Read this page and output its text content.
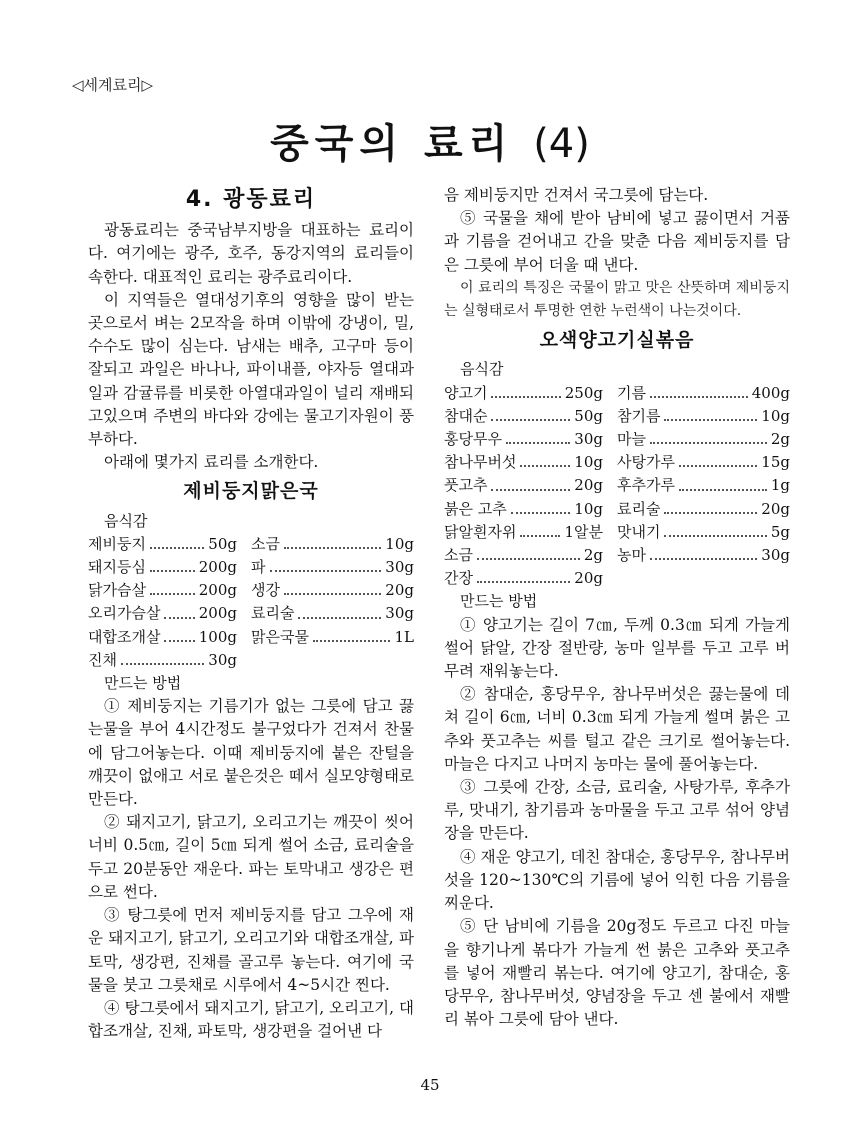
◁세계료리▷
중국의 료리 (4)
4. 광동료리

광동료리는 중국남부지방을 대표하는 료리이다. 여기에는 광주, 호주, 동강지역의 료리들이 속한다. 대표적인 료리는 광주료리이다.

이 지역들은 열대성기후의 영향을 많이 받는 곳으로서 벼는 2모작을 하며 이밖에 강냉이, 밀, 수수도 많이 심는다. 남새는 배추, 고구마 등이 잘되고 과일은 바나나, 파이내플, 야자등 열대과일과 감귤류를 비롯한 아열대과일이 널리 재배되고있으며 주변의 바다와 강에는 물고기자원이 풍부하다.

아래에 몇가지 료리를 소개한다.

제비둥지맑은국
음식감
제비둥지 50g	소금 10g

돼지등심 200g	파 30g

닭가슴살 200g	생강 20g

오리가슴살 200g	료리술 30g

대합조개살 100g	맑은국물 1L

진채 30g	
만드는 방법

① 제비둥지는 기름기가 없는 그릇에 담고 끓는물을 부어 4시간정도 불구었다가 건져서 찬물에 담그어놓는다. 이때 제비둥지에 붙은 잔털을 깨끗이 없애고 서로 붙은것은 떼서 실모양형태로 만든다.

② 돼지고기, 닭고기, 오리고기는 깨끗이 씻어 너비 0.5㎝, 길이 5㎝ 되게 썰어 소금, 료리술을 두고 20분동안 재운다. 파는 토막내고 생강은 편으로 썬다.

③ 탕그릇에 먼저 제비둥지를 담고 그우에 재운 돼지고기, 닭고기, 오리고기와 대합조개살, 파토막, 생강편, 진채를 골고루 놓는다. 여기에 국물을 붓고 그릇채로 시루에서 4~5시간 찐다.

④ 탕그릇에서 돼지고기, 닭고기, 오리고기, 대합조개살, 진채, 파토막, 생강편을 걸어낸 다

음 제비둥지만 건져서 국그릇에 담는다.

⑤ 국물을 채에 받아 남비에 넣고 끓이면서 거품과 기름을 걷어내고 간을 맞춘 다음 제비둥지를 담은 그릇에 부어 더울 때 낸다.

이 료리의 특징은 국물이 맑고 맛은 산뜻하며 제비둥지는 실형태로서 투명한 연한 누런색이 나는것이다.

오색양고기실볶음
음식감
양고기 250g	기름 400g

참대순 50g	참기름 10g

홍당무우 30g	마늘 2g

참나무버섯 10g	사탕가루 15g

풋고추 20g	후추가루 1g

붉은 고추 10g	료리술 20g

닭알흰자위 1알분	맛내기 5g

소금 2g	농마 30g

간장 20g	
만드는 방법

① 양고기는 길이 7㎝, 두께 0.3㎝ 되게 가늘게 썰어 닭알, 간장 절반량, 농마 일부를 두고 고루 버무려 재워놓는다.

② 참대순, 홍당무우, 참나무버섯은 끓는물에 데쳐 길이 6㎝, 너비 0.3㎝ 되게 가늘게 썰며 붉은 고추와 풋고추는 씨를 털고 같은 크기로 썰어놓는다. 마늘은 다지고 나머지 농마는 물에 풀어놓는다.

③ 그릇에 간장, 소금, 료리술, 사탕가루, 후추가루, 맛내기, 참기름과 농마물을 두고 고루 섞어 양념장을 만든다.

④ 재운 양고기, 데친 참대순, 홍당무우, 참나무버섯을 120~130℃의 기름에 넣어 익힌 다음 기름을 찌운다.

⑤ 단 남비에 기름을 20g정도 두르고 다진 마늘을 향기나게 볶다가 가늘게 썬 붉은 고추와 풋고추를 넣어 재빨리 볶는다. 여기에 양고기, 참대순, 홍당무우, 참나무버섯, 양념장을 두고 센 불에서 재빨리 볶아 그릇에 담아 낸다.

45
